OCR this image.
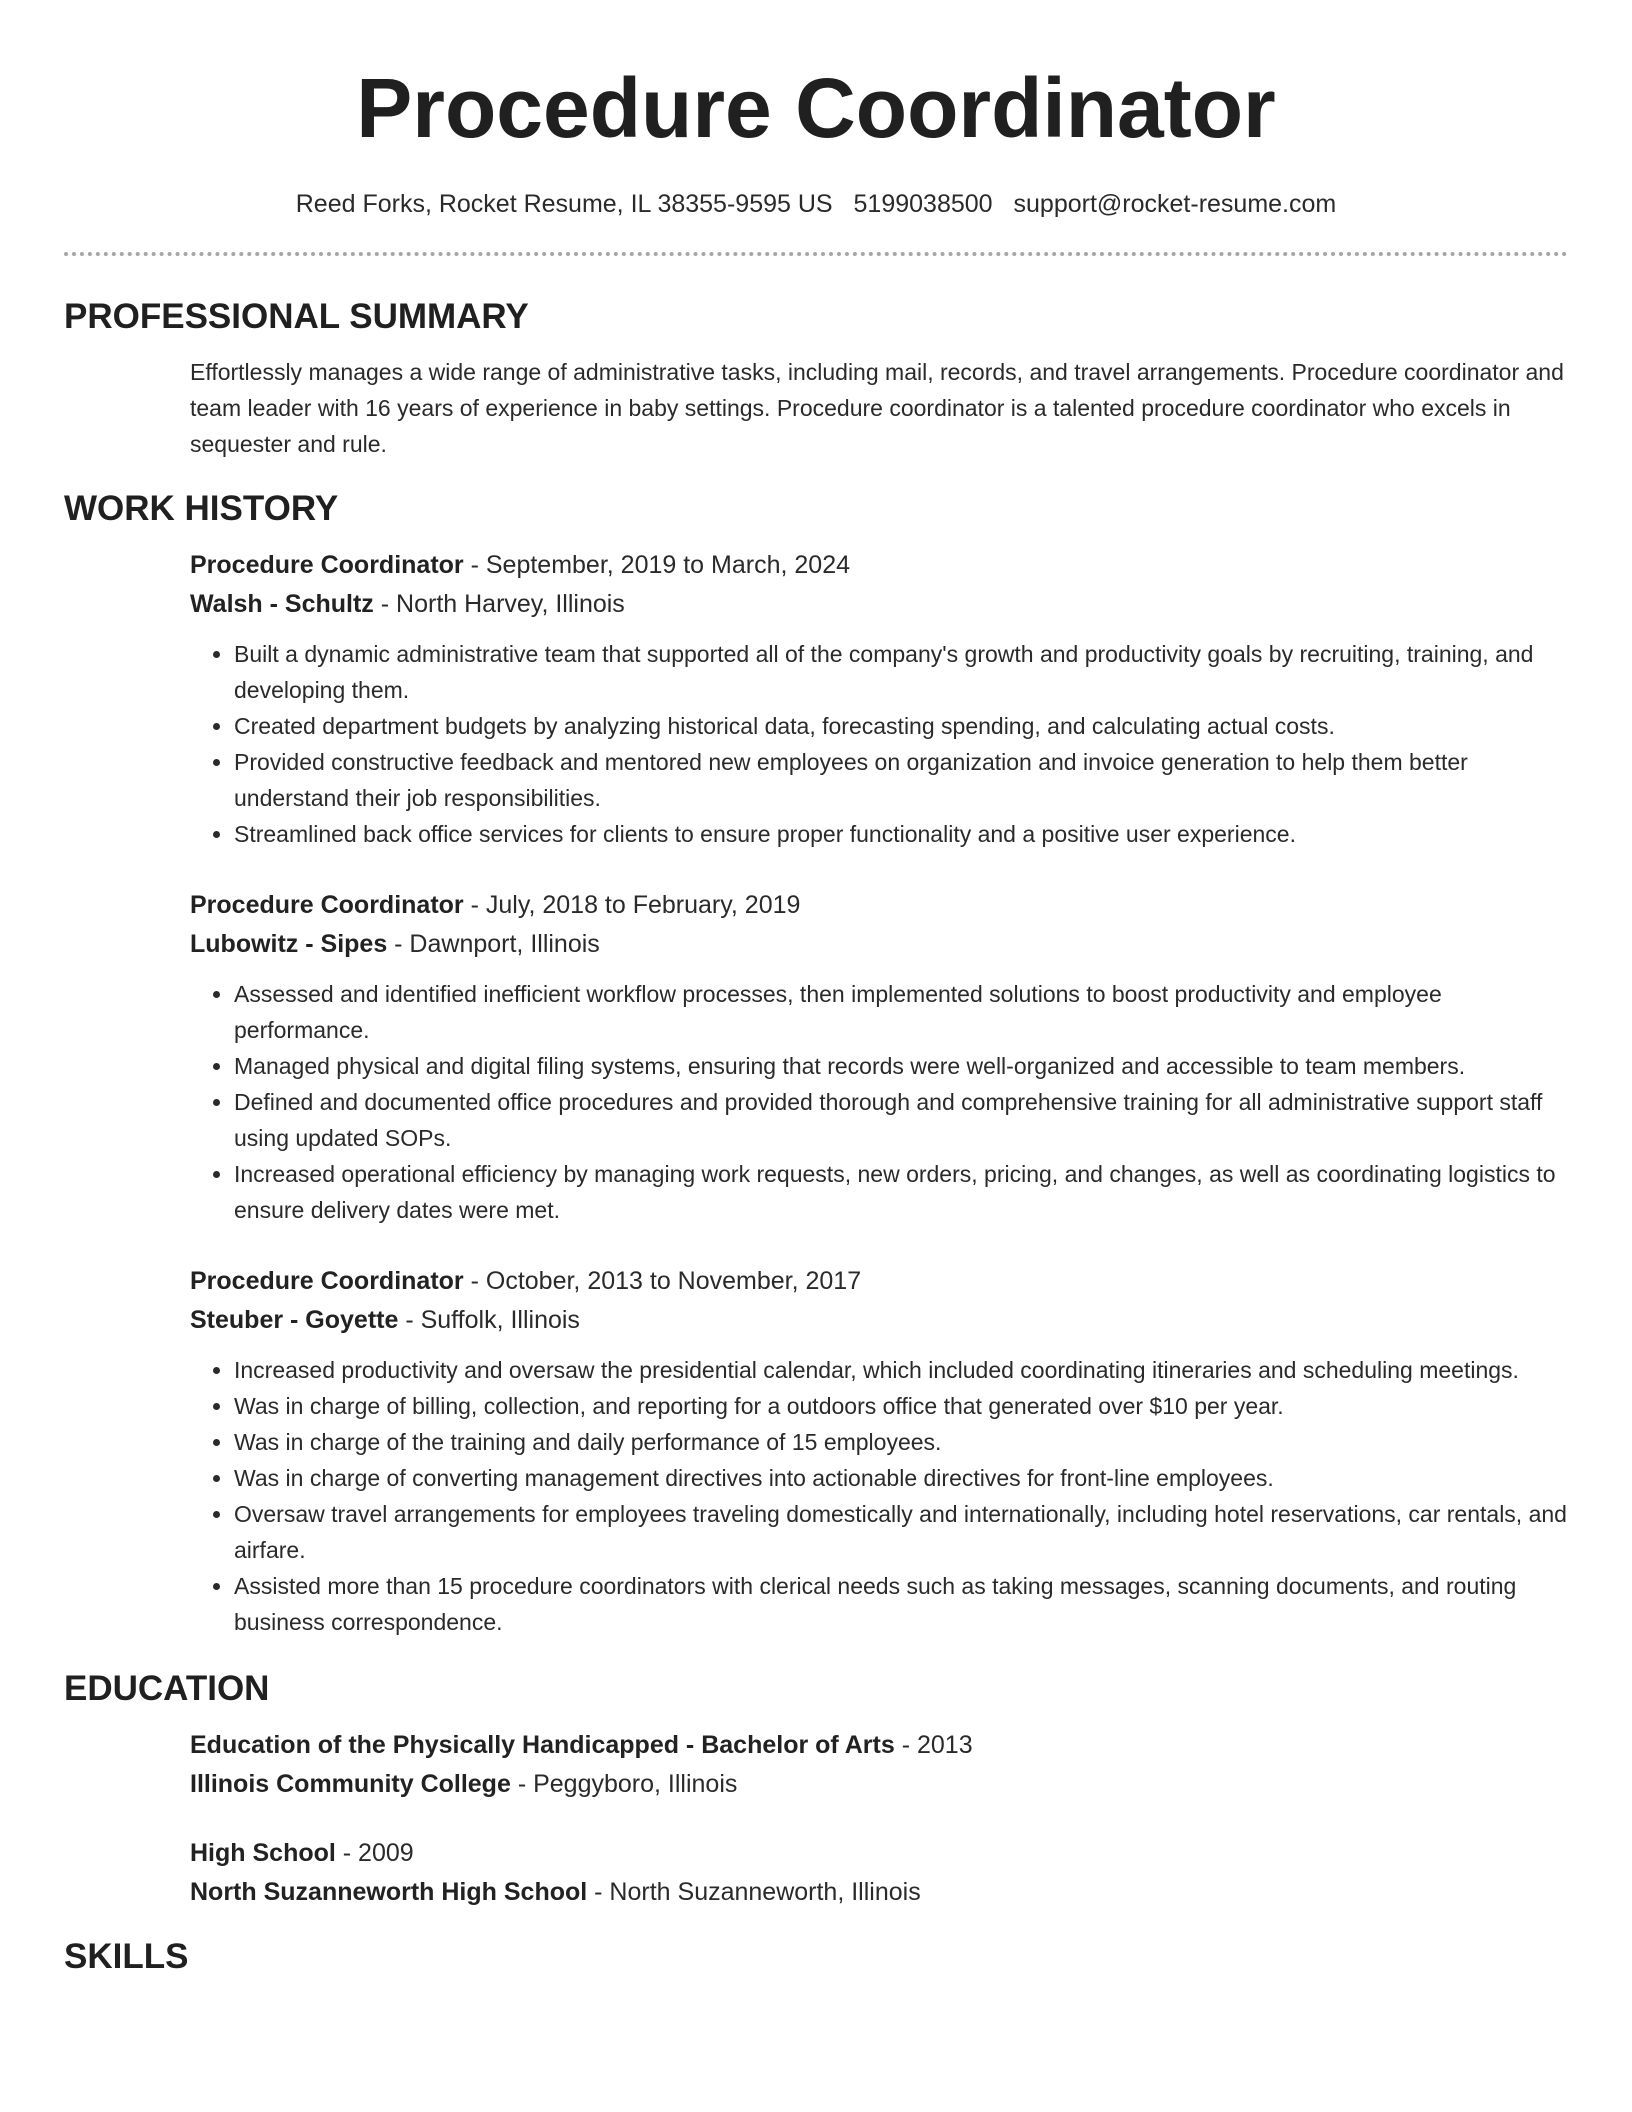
Procedure Coordinator
Reed Forks, Rocket Resume, IL 38355-9595 US 5199038500 support@rocket-resume.com
PROFESSIONAL SUMMARY

Effortlessly manages a wide range of administrative tasks, including mail, records, and travel arrangements. Procedure coordinator and team leader with 16 years of experience in baby settings. Procedure coordinator is a talented procedure coordinator who excels in sequester and rule.

WORK HISTORY

Procedure Coordinator - September, 2019 to March, 2024

Walsh - Schultz - North Harvey, Illinois

• Built a dynamic administrative team that supported all of the company's growth and productivity goals by recruiting, training, and developing them.
• Created department budgets by analyzing historical data, forecasting spending, and calculating actual costs.
• Provided constructive feedback and mentored new employees on organization and invoice generation to help them better understand their job responsibilities.
• Streamlined back office services for clients to ensure proper functionality and a positive user experience.

Procedure Coordinator - July, 2018 to February, 2019

Lubowitz - Sipes - Dawnport, Illinois

• Assessed and identified inefficient workflow processes, then implemented solutions to boost productivity and employee performance.
• Managed physical and digital filing systems, ensuring that records were well-organized and accessible to team members.
• Defined and documented office procedures and provided thorough and comprehensive training for all administrative support staff using updated SOPs.
• Increased operational efficiency by managing work requests, new orders, pricing, and changes, as well as coordinating logistics to ensure delivery dates were met.

Procedure Coordinator - October, 2013 to November, 2017

Steuber - Goyette - Suffolk, Illinois

• Increased productivity and oversaw the presidential calendar, which included coordinating itineraries and scheduling meetings.
• Was in charge of billing, collection, and reporting for a outdoors office that generated over $10 per year.
• Was in charge of the training and daily performance of 15 employees.
• Was in charge of converting management directives into actionable directives for front-line employees.
• Oversaw travel arrangements for employees traveling domestically and internationally, including hotel reservations, car rentals, and airfare.
• Assisted more than 15 procedure coordinators with clerical needs such as taking messages, scanning documents, and routing business correspondence.
EDUCATION

Education of the Physically Handicapped - Bachelor of Arts - 2013

Illinois Community College - Peggyboro, Illinois

High School - 2009

North Suzanneworth High School - North Suzanneworth, Illinois

SKILLS
